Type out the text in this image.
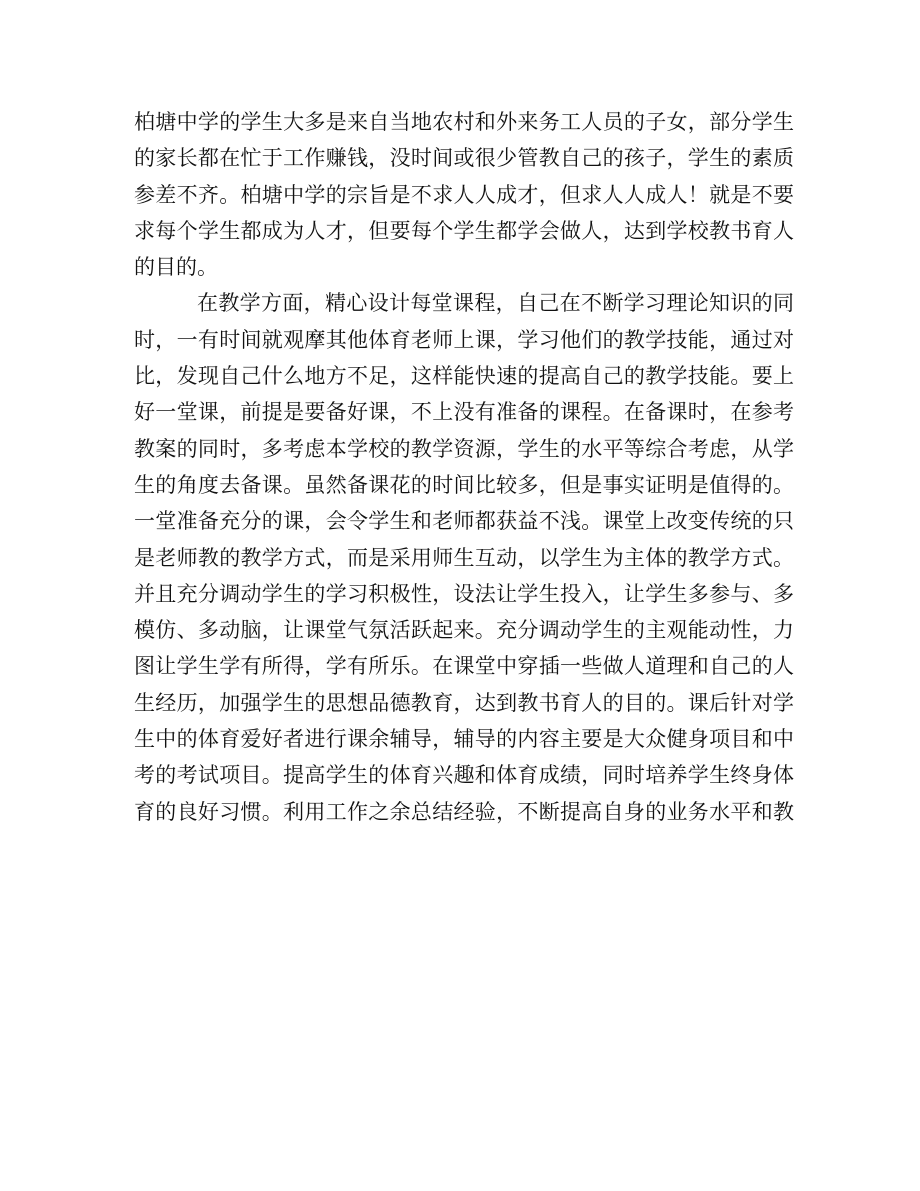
柏塘中学的学生大多是来自当地农村和外来务工人员的子女，部分学生
的家长都在忙于工作赚钱，没时间或很少管教自己的孩子，学生的素质
参差不齐。柏塘中学的宗旨是不求人人成才，但求人人成人！就是不要
求每个学生都成为人才，但要每个学生都学会做人，达到学校教书育人
的目的。
在教学方面，精心设计每堂课程，自己在不断学习理论知识的同
时，一有时间就观摩其他体育老师上课，学习他们的教学技能，通过对
比，发现自己什么地方不足，这样能快速的提高自己的教学技能。要上
好一堂课，前提是要备好课，不上没有准备的课程。在备课时，在参考
教案的同时，多考虑本学校的教学资源，学生的水平等综合考虑，从学
生的角度去备课。虽然备课花的时间比较多，但是事实证明是值得的。
一堂准备充分的课，会令学生和老师都获益不浅。课堂上改变传统的只
是老师教的教学方式，而是采用师生互动，以学生为主体的教学方式。
并且充分调动学生的学习积极性，设法让学生投入，让学生多参与、多
模仿、多动脑，让课堂气氛活跃起来。充分调动学生的主观能动性，力
图让学生学有所得，学有所乐。在课堂中穿插一些做人道理和自己的人
生经历，加强学生的思想品德教育，达到教书育人的目的。课后针对学
生中的体育爱好者进行课余辅导，辅导的内容主要是大众健身项目和中
考的考试项目。提高学生的体育兴趣和体育成绩，同时培养学生终身体
育的良好习惯。利用工作之余总结经验，不断提高自身的业务水平和教
